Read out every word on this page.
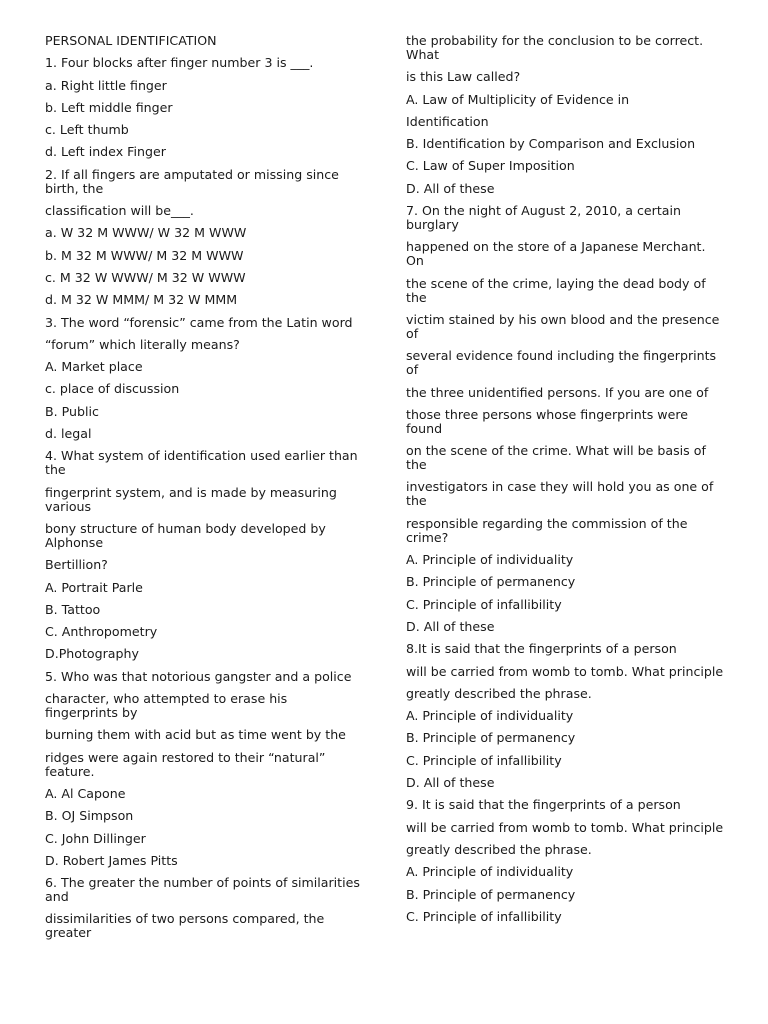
PERSONAL IDENTIFICATION
1. Four blocks after finger number 3 is ___.
a. Right little finger
b. Left middle finger
c. Left thumb
d. Left index Finger
2. If all fingers are amputated or missing since birth, the
classification will be___.
a. W 32 M WWW/ W 32 M WWW
b. M 32 M WWW/ M 32 M WWW
c. M 32 W WWW/ M 32 W WWW
d. M 32 W MMM/ M 32 W MMM
3. The word “forensic” came from the Latin word
“forum” which literally means?
A. Market place
c. place of discussion
B. Public
d. legal
4. What system of identification used earlier than the
fingerprint system, and is made by measuring various
bony structure of human body developed by Alphonse
Bertillion?
A. Portrait Parle
B. Tattoo
C. Anthropometry
D.Photography
5. Who was that notorious gangster and a police
character, who attempted to erase his fingerprints by
burning them with acid but as time went by the
ridges were again restored to their “natural” feature.
A. Al Capone
B. OJ Simpson
C. John Dillinger
D. Robert James Pitts
6. The greater the number of points of similarities and
dissimilarities of two persons compared, the greater
the probability for the conclusion to be correct. What
is this Law called?
A. Law of Multiplicity of Evidence in
Identification
B. Identification by Comparison and Exclusion
C. Law of Super Imposition
D. All of these
7. On the night of August 2, 2010, a certain burglary
happened on the store of a Japanese Merchant. On
the scene of the crime, laying the dead body of the
victim stained by his own blood and the presence of
several evidence found including the fingerprints of
the three unidentified persons. If you are one of
those three persons whose fingerprints were found
on the scene of the crime. What will be basis of the
investigators in case they will hold you as one of the
responsible regarding the commission of the crime?
A. Principle of individuality
B. Principle of permanency
C. Principle of infallibility
D. All of these
8.It is said that the fingerprints of a person
will be carried from womb to tomb. What principle
greatly described the phrase.
A. Principle of individuality
B. Principle of permanency
C. Principle of infallibility
D. All of these
9. It is said that the fingerprints of a person
will be carried from womb to tomb. What principle
greatly described the phrase.
A. Principle of individuality
B. Principle of permanency
C. Principle of infallibility
